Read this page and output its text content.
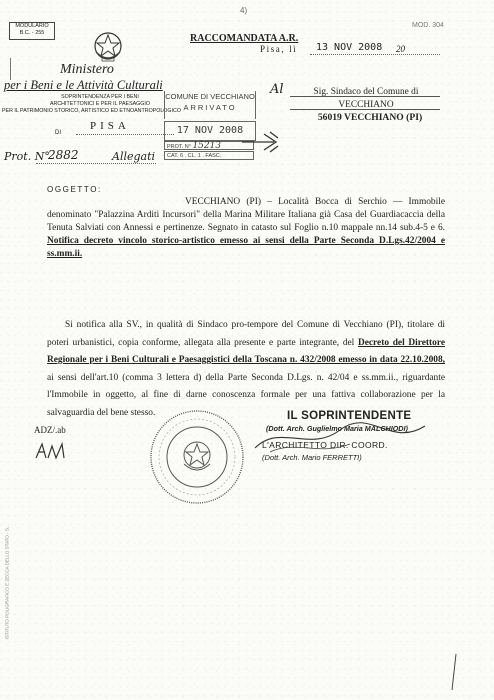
4)
MODULARIO
B.C. - 255	RACCOMANDATA A.R.
MOD. 304
Pisa, lì 13 NOV 2008 20
Ministero
per i Beni e le Attività Culturali
SOPRINTENDENZA PER I BENI
ARCHITETTONICI E PER IL PAESAGGIO
PER IL PATRIMONIO STORICO, ARTISTICO ED ETNOANTROPOLOGICO
DI
PISA
Prot. N°
2882	Allegati
COMUNE DI VECCHIANO
ARRIVATO
17 NOV 2008
PROT. N° 15213
CAT. 6 . CL. 1 . FASC.
Al	Sig. Sindaco del Comune di
VECCHIANO
56019 VECCHIANO (PI)
OGGETTO:
VECCHIANO (PI) – Località Bocca di Serchio — Immobile denominato "Palazzina Arditi Incursori" della Marina Militare Italiana già Casa del Guardiacaccia della Tenuta Salviati con Annessi e pertinenze. Segnato in catasto sul Foglio n.10 mappale nn.14 sub.4-5 e 6. Notifica decreto vincolo storico-artistico emesso ai sensi della Parte Seconda D.Lgs.42/2004 e ss.mm.ii.
Si notifica alla SV., in qualità di Sindaco pro-tempore del Comune di Vecchiano (PI), titolare di poteri urbanistici, copia conforme, allegata alla presente e parte integrante, del Decreto del Direttore Regionale per i Beni Culturali e Paesaggistici della Toscana n. 432/2008 emesso in data 22.10.2008, ai sensi dell'art.10 (comma 3 lettera d) della Parte Seconda D.Lgs. n. 42/04 e ss.mm.ii., riguardante l'Immobile in oggetto, al fine di darne conoscenza formale per una fattiva collaborazione per la salvaguardia del bene stesso.	IL SOPRINTENDENTE
(Dott. Arch. Guglielmo Maria MALCHIODI)
L'ARCHITETTO DIR. COORD.
(Dott. Arch. Mario FERRETTI)
ADZ/.ab
ISTITUTO POLIGRAFICO E ZECCA DELLO STATO - S.
